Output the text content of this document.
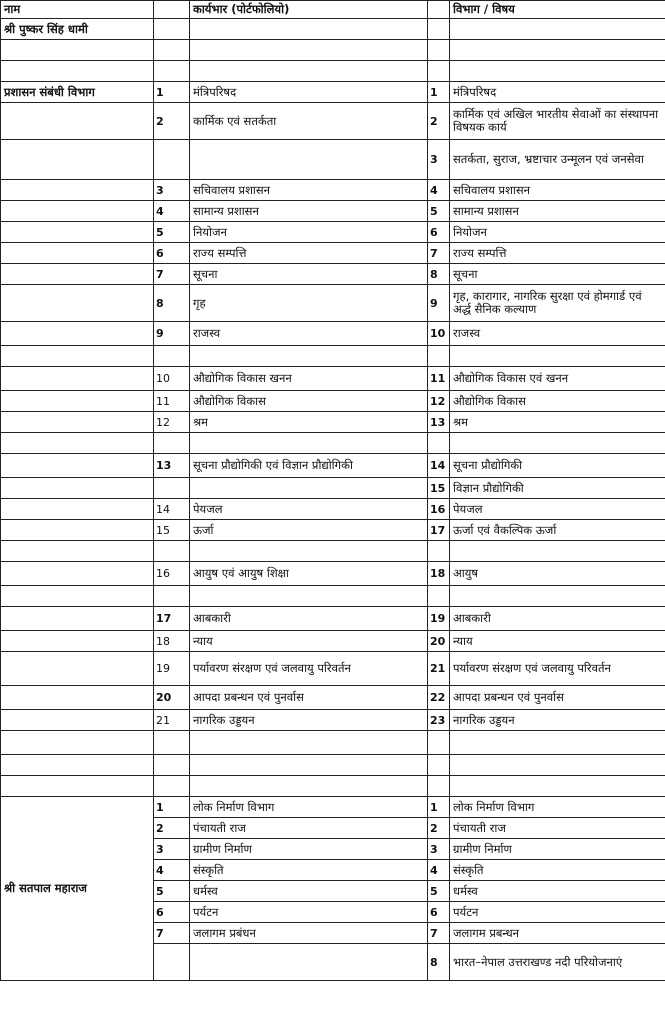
नाम		कार्यभार (पोर्टफोलियो)		विभाग / विषय
श्री पुष्कर सिंह धामी				

प्रशासन संबंधी विभाग	1	मंत्रिपरिषद	1	मंत्रिपरिषद
	2	कार्मिक एवं सतर्कता	2	कार्मिक एवं अखिल भारतीय सेवाओं का संस्थापना विषयक कार्य
			3	सतर्कता, सुराज, भ्रष्टाचार उन्मूलन एवं जनसेवा
	3	सचिवालय प्रशासन	4	सचिवालय प्रशासन
	4	सामान्य प्रशासन	5	सामान्य प्रशासन
	5	नियोजन	6	नियोजन
	6	राज्य सम्पत्ति	7	राज्य सम्पत्ति
	7	सूचना	8	सूचना
	8	गृह	9	गृह, कारागार, नागरिक सुरक्षा एवं होमगार्ड एवं अर्द्ध सैनिक कल्याण
	9	राजस्व	10	राजस्व

	10	औद्योगिक विकास खनन	11	औद्योगिक विकास एवं खनन
	11	औद्योगिक विकास	12	औद्योगिक विकास
	12	श्रम	13	श्रम

	13	सूचना प्रौद्योगिकी एवं विज्ञान प्रौद्योगिकी	14	सूचना प्रौद्योगिकी
			15	विज्ञान प्रौद्योगिकी
	14	पेयजल	16	पेयजल
	15	ऊर्जा	17	ऊर्जा एवं वैकल्पिक ऊर्जा

	16	आयुष एवं आयुष शिक्षा	18	आयुष

	17	आबकारी	19	आबकारी
	18	न्याय	20	न्याय
	19	पर्यावरण संरक्षण एवं जलवायु परिवर्तन	21	पर्यावरण संरक्षण एवं जलवायु परिवर्तन
	20	आपदा प्रबन्धन एवं पुनर्वास	22	आपदा प्रबन्धन एवं पुनर्वास
	21	नागरिक उड्डयन	23	नागरिक उड्डयन

श्री सतपाल महाराज	1	लोक निर्माण विभाग	1	लोक निर्माण विभाग
	2	पंचायती राज	2	पंचायती राज
	3	ग्रामीण निर्माण	3	ग्रामीण निर्माण
	4	संस्कृति	4	संस्कृति
	5	धर्मस्व	5	धर्मस्व
	6	पर्यटन	6	पर्यटन
	7	जलागम प्रबंधन	7	जलागम प्रबन्धन
			8	भारत–नेपाल उत्तराखण्ड नदी परियोजनाएं
